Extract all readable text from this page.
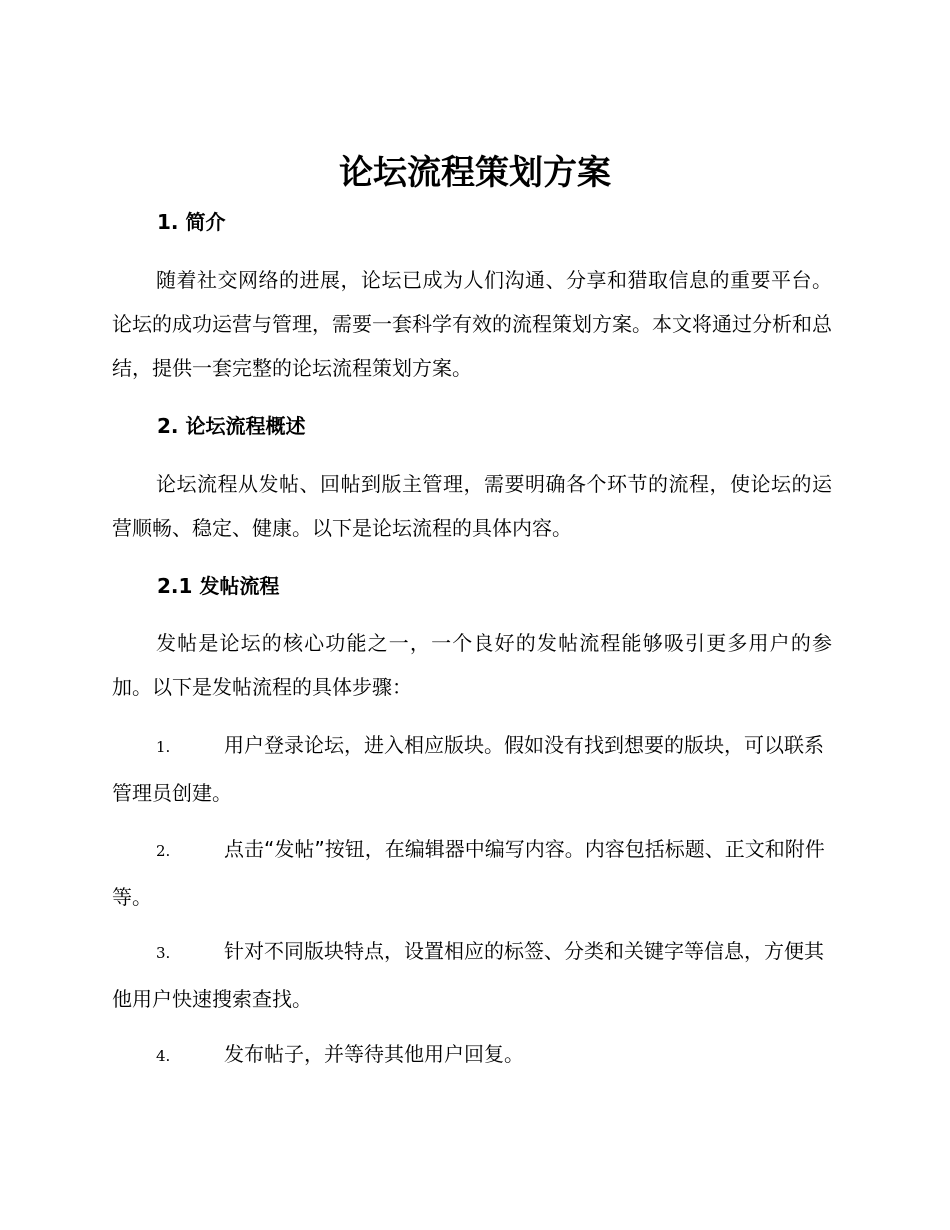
论坛流程策划方案
1. 简介

随着社交网络的进展，论坛已成为人们沟通、分享和猎取信息的重要平台。论坛的成功运营与管理，需要一套科学有效的流程策划方案。本文将通过分析和总结，提供一套完整的论坛流程策划方案。

2. 论坛流程概述

论坛流程从发帖、回帖到版主管理，需要明确各个环节的流程，使论坛的运营顺畅、稳定、健康。以下是论坛流程的具体内容。

2.1 发帖流程

发帖是论坛的核心功能之一，一个良好的发帖流程能够吸引更多用户的参加。以下是发帖流程的具体步骤：

1.	用户登录论坛，进入相应版块。假如没有找到想要的版块，可以联系管理员创建。
2.	点击“发帖”按钮，在编辑器中编写内容。内容包括标题、正文和附件等。
3.	针对不同版块特点，设置相应的标签、分类和关键字等信息，方便其他用户快速搜索查找。
4.	发布帖子，并等待其他用户回复。
